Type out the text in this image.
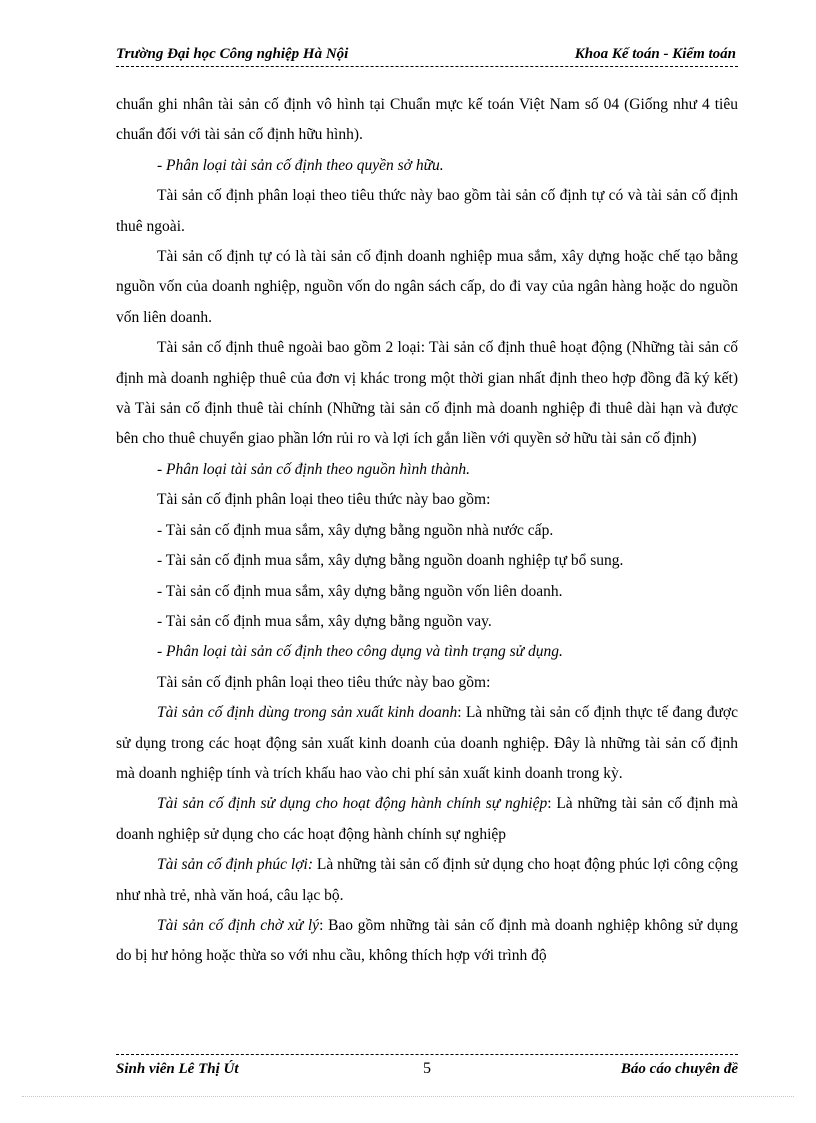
Trường Đại học Công nghiệp Hà Nội	Khoa Kế toán - Kiểm toán

chuẩn ghi nhân tài sản cố định vô hình tại Chuẩn mực kế toán Việt Nam số 04 (Giống như 4 tiêu chuẩn đối với tài sản cố định hữu hình).

- Phân loại tài sản cố định theo quyền sở hữu.

Tài sản cố định phân loại theo tiêu thức này bao gồm tài sản cố định tự có và tài sản cố định thuê ngoài.

Tài sản cố định tự có là tài sản cố định doanh nghiệp mua sắm, xây dựng hoặc chế tạo bằng nguồn vốn của doanh nghiệp, nguồn vốn do ngân sách cấp, do đi vay của ngân hàng hoặc do nguồn vốn liên doanh.

Tài sản cố định thuê ngoài bao gồm 2 loại: Tài sản cố định thuê hoạt động (Những tài sản cố định mà doanh nghiệp thuê của đơn vị khác trong một thời gian nhất định theo hợp đồng đã ký kết) và Tài sản cố định thuê tài chính (Những tài sản cố định mà doanh nghiệp đi thuê dài hạn và được bên cho thuê chuyển giao phần lớn rủi ro và lợi ích gắn liền với quyền sở hữu tài sản cố định)

- Phân loại tài sản cố định theo nguồn hình thành.

Tài sản cố định phân loại theo tiêu thức này bao gồm:

- Tài sản cố định mua sắm, xây dựng bằng nguồn nhà nước cấp.

- Tài sản cố định mua sắm, xây dựng bằng nguồn doanh nghiệp tự bổ sung.

- Tài sản cố định mua sắm, xây dựng bằng nguồn vốn liên doanh.

- Tài sản cố định mua sắm, xây dựng bằng nguồn vay.

- Phân loại tài sản cố định theo công dụng và tình trạng sử dụng.

Tài sản cố định phân loại theo tiêu thức này bao gồm:

Tài sản cố định dùng trong sản xuất kinh doanh: Là những tài sản cố định thực tế đang được sử dụng trong các hoạt động sản xuất kinh doanh của doanh nghiệp. Đây là những tài sản cố định mà doanh nghiệp tính và trích khấu hao vào chi phí sản xuất kinh doanh trong kỳ.

Tài sản cố định sử dụng cho hoạt động hành chính sự nghiệp: Là những tài sản cố định mà doanh nghiệp sử dụng cho các hoạt động hành chính sự nghiệp

Tài sản cố định phúc lợi: Là những tài sản cố định sử dụng cho hoạt động phúc lợi công cộng như nhà trẻ, nhà văn hoá, câu lạc bộ.

Tài sản cố định chờ xử lý: Bao gồm những tài sản cố định mà doanh nghiệp không sử dụng do bị hư hỏng hoặc thừa so với nhu cầu, không thích hợp với trình độ

Sinh viên Lê Thị Út	5	Báo cáo chuyên đề
